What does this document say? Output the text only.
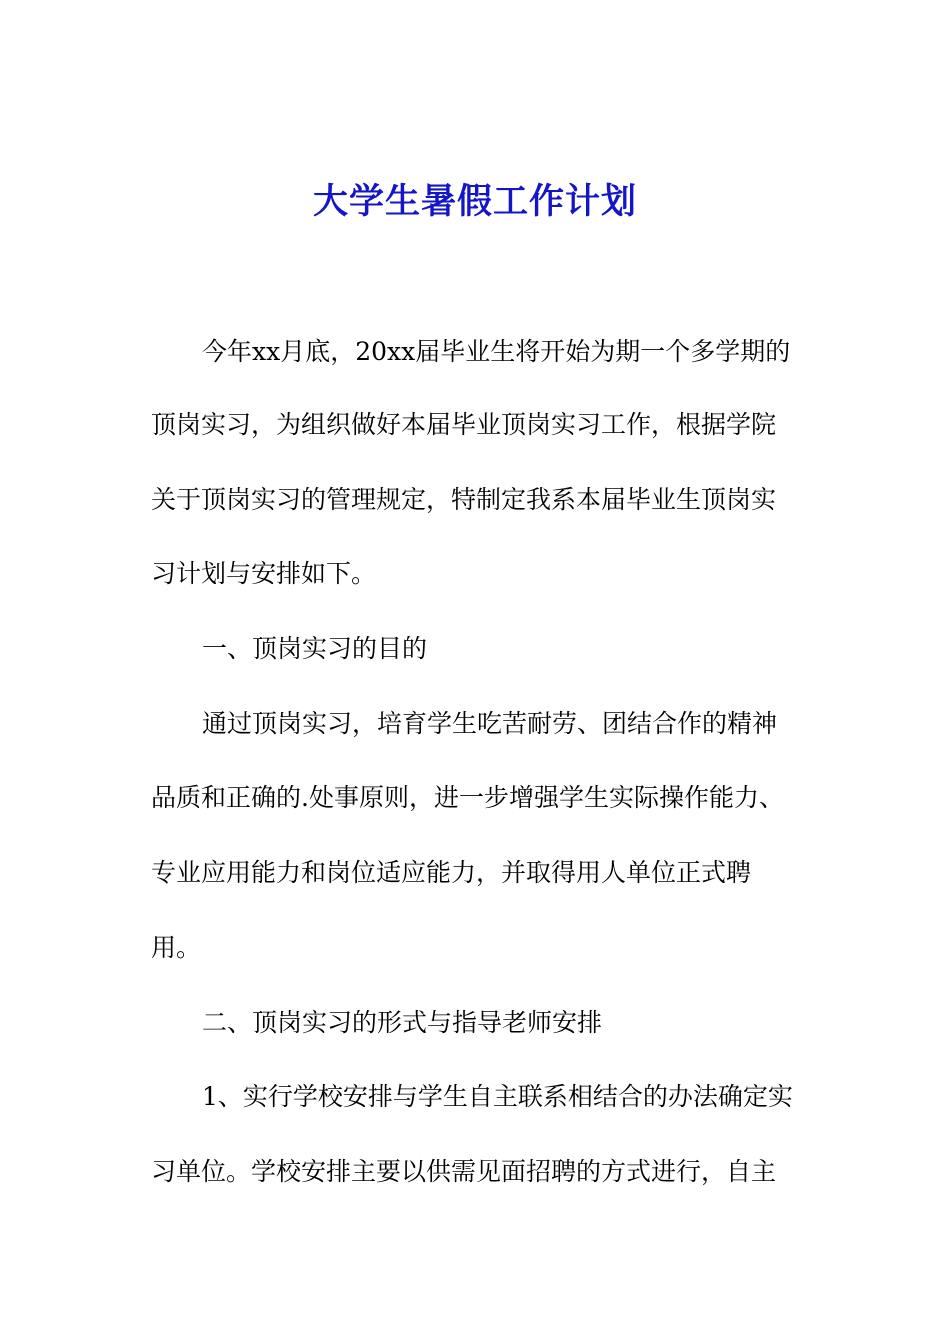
大学生暑假工作计划

今年xx月底，20xx届毕业生将开始为期一个多学期的

顶岗实习，为组织做好本届毕业顶岗实习工作，根据学院

关于顶岗实习的管理规定，特制定我系本届毕业生顶岗实

习计划与安排如下。

一、顶岗实习的目的

通过顶岗实习，培育学生吃苦耐劳、团结合作的精神

品质和正确的.处事原则，进一步增强学生实际操作能力、

专业应用能力和岗位适应能力，并取得用人单位正式聘

用。

二、顶岗实习的形式与指导老师安排

1、实行学校安排与学生自主联系相结合的办法确定实

习单位。学校安排主要以供需见面招聘的方式进行，自主
